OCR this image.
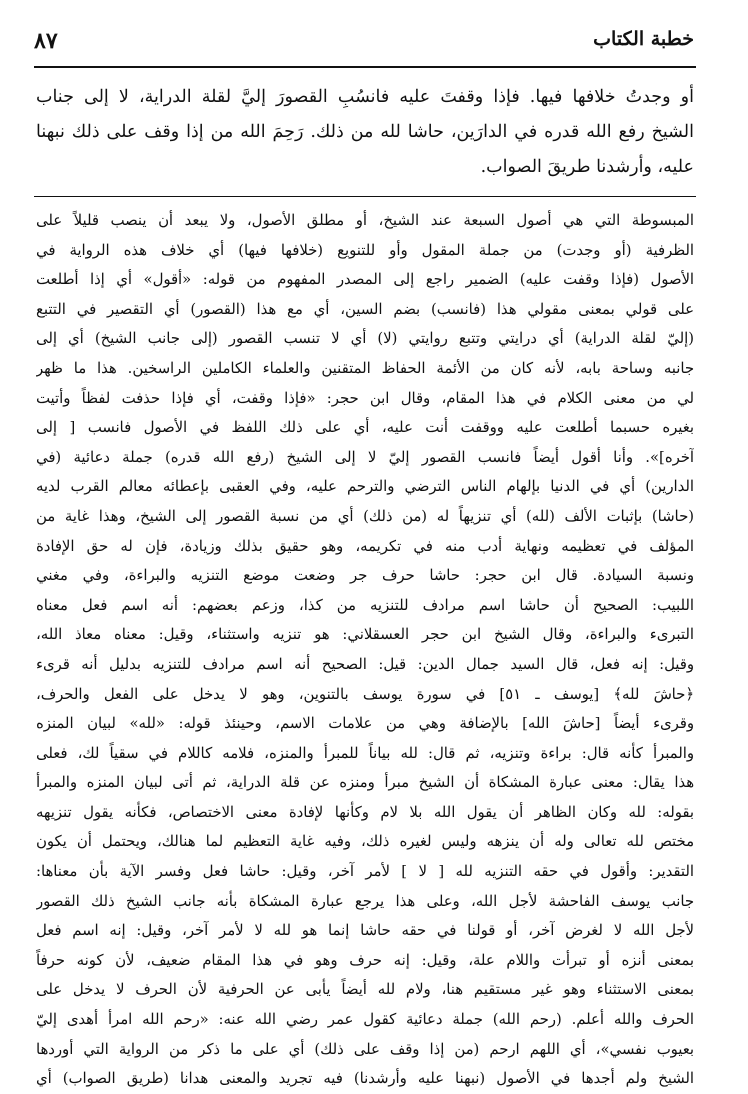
خطبة الكتاب
٨٧
أو وجدتُ خلافها فيها. فإذا وقفتَ عليه فانسُبِ القصورَ إليَّ لقلة الدراية، لا إلى جناب
الشيخ رفع الله قدره في الدارَين، حاشا لله من ذلك. رَحِمَ الله من إذا وقف على ذلك نبهنا
عليه، وأرشدنا طريقَ الصواب.
المبسوطة التي هي أصول السبعة عند الشيخ، أو مطلق الأصول، ولا يبعد أن ينصب قليلاً على
الظرفية (أو وجدت) من جملة المقول وأو للتنويع (خلافها فيها) أي خلاف هذه الرواية في
الأصول (فإذا وقفت عليه) الضمير راجع إلى المصدر المفهوم من قوله: «أقول» أي إذا أطلعت
على قولي بمعنى مقولي هذا (فانسب) بضم السين، أي مع هذا (القصور) أي التقصير في التتبع
(إليّ لقلة الدراية) أي درايتي وتتبع روايتي (لا) أي لا تنسب القصور (إلى جانب الشيخ) أي إلى
جانبه وساحة بابه، لأنه كان من الأئمة الحفاظ المتقنين والعلماء الكاملين الراسخين. هذا ما ظهر
لي من معنى الكلام في هذا المقام، وقال ابن حجر: «فإذا وقفت، أي فإذا حذفت لفظاً وأتيت
بغيره حسبما أطلعت عليه ووقفت أنت عليه، أي على ذلك اللفظ في الأصول فانسب [ إلى
آخره]». وأنا أقول أيضاً فانسب القصور إليّ لا إلى الشيخ (رفع الله قدره) جملة دعائية (في
الدارين) أي في الدنيا بإلهام الناس الترضي والترحم عليه، وفي العقبى بإعطائه معالم القرب لديه
(حاشا) بإثبات الألف (لله) أي تنزيهاً له (من ذلك) أي من نسبة القصور إلى الشيخ، وهذا غاية من
المؤلف في تعظيمه ونهاية أدب منه في تكريمه، وهو حقيق بذلك وزيادة، فإن له حق الإفادة
ونسبة السيادة. قال ابن حجر: حاشا حرف جر وضعت موضع التنزيه والبراءة، وفي مغني
اللبيب: الصحيح أن حاشا اسم مرادف للتنزيه من كذا، وزعم بعضهم: أنه اسم فعل معناه
التبرىء والبراءة، وقال الشيخ ابن حجر العسقلاني: هو تنزيه واستثناء، وقيل: معناه معاذ الله،
وقيل: إنه فعل، قال السيد جمال الدين: قيل: الصحيح أنه اسم مرادف للتنزيه بدليل أنه قرىء
﴿حاشَ لله﴾ [يوسف ـ ٥١] في سورة يوسف بالتنوين، وهو لا يدخل على الفعل والحرف،
وقرىء أيضاً [حاشَ الله] بالإضافة وهي من علامات الاسم، وحينئذ قوله: «لله» لبيان المنزه
والمبرأ كأنه قال: براءة وتنزيه، ثم قال: لله بياناً للمبرأ والمنزه، فلامه كاللام في سقياً لك، فعلى
هذا يقال: معنى عبارة المشكاة أن الشيخ مبرأ ومنزه عن قلة الدراية، ثم أتى لبيان المنزه والمبرأ
بقوله: لله وكان الظاهر أن يقول الله بلا لام وكأنها لإفادة معنى الاختصاص، فكأنه يقول تنزيهه
مختص لله تعالى وله أن ينزهه وليس لغيره ذلك، وفيه غاية التعظيم لما هنالك، ويحتمل أن يكون
التقدير: وأقول في حقه التنزيه لله [ لا ] لأمر آخر، وقيل: حاشا فعل وفسر الآية بأن معناها:
جانب يوسف الفاحشة لأجل الله، وعلى هذا يرجع عبارة المشكاة بأنه جانب الشيخ ذلك القصور
لأجل الله لا لغرض آخر، أو قولنا في حقه حاشا إنما هو لله لا لأمر آخر، وقيل: إنه اسم فعل
بمعنى أنزه أو تبرأت واللام علة، وقيل: إنه حرف وهو في هذا المقام ضعيف، لأن كونه حرفاً
بمعنى الاستثناء وهو غير مستقيم هنا، ولام لله أيضاً يأبى عن الحرفية لأن الحرف لا يدخل على
الحرف والله أعلم. (رحم الله) جملة دعائية كقول عمر رضي الله عنه: «رحم الله امرأ أهدى إليّ
بعيوب نفسي»، أي اللهم ارحم (من إذا وقف على ذلك) أي على ما ذكر من الرواية التي أوردها
الشيخ ولم أجدها في الأصول (نبهنا عليه وأرشدنا) فيه تجريد والمعنى هدانا (طريق الصواب) أي
